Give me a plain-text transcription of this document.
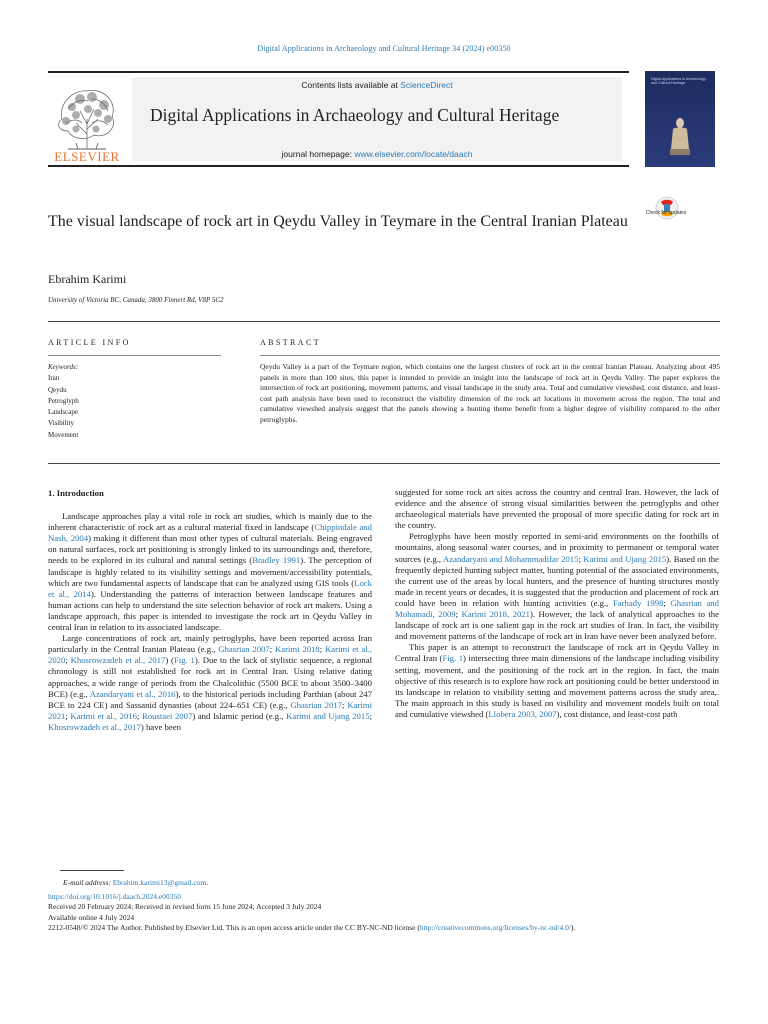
Digital Applications in Archaeology and Cultural Heritage 34 (2024) e00350
ELSEVIER
Contents lists available at ScienceDirect
Digital Applications in Archaeology and Cultural Heritage
journal homepage: www.elsevier.com/locate/daach
Digital Applications in Archaeology and Cultural Heritage
Check for updates
The visual landscape of rock art in Qeydu Valley in Teymare in the Central Iranian Plateau
Ebrahim Karimi
University of Victoria BC, Canada, 3800 Finnert Rd, V8P 5C2
ARTICLE INFO	ABSTRACT
Keywords:
Iran
Qeydu
Petroglyph
Landscape
Visibility
Movement
Qeydu Valley is a part of the Teymare region, which contains one the largest clusters of rock art in the central Iranian Plateau. Analyzing about 495 panels in more than 100 sites, this paper is intended to provide an insight into the landscape of rock art in Qeydu Valley. The paper explores the intersection of rock art positioning, movement patterns, and visual landscape in the study area. Total and cumulative viewshed, cost distance, and least-cost path analysis have been used to reconstruct the visibility dimension of the rock art locations in movement across the region. The total and cumulative viewshed analysis suggest that the panels showing a hunting theme benefit from a higher degree of visibility compared to the other petroglyphs.

1. Introduction

Landscape approaches play a vital role in rock art studies, which is mainly due to the inherent characteristic of rock art as a cultural material fixed in landscape (Chippindale and Nash, 2004) making it different than most other types of cultural materials. Being engraved on natural surfaces, rock art positioning is strongly linked to its surroundings and, therefore, needs to be explored in its cultural and natural settings (Bradley 1991). The perception of landscape is highly related to its visibility settings and movement/accessibility potentials, which are two fundamental aspects of landscape that can be analyzed using GIS tools (Lock et al., 2014). Understanding the patterns of interaction between landscape features and human actions can help to understand the site selection behavior of rock art makers. Using a landscape approach, this paper is intended to investigate the rock art in Qeydu Valley in central Iran in relation to its associated landscape.

Large concentrations of rock art, mainly petroglyphs, have been reported across Iran particularly in the Central Iranian Plateau (e.g., Ghasrian 2007; Karimi 2018; Karimi et al., 2020; Khosrowzadeh et al., 2017) (Fig. 1). Due to the lack of stylistic sequence, a regional chronology is still not established for rock art in Central Iran. Using relative dating approaches, a wide range of periods from the Chalcolithic (5500 BCE to about 3500–3400 BCE) (e.g., Azandaryani et al., 2016), to the historical periods including Parthian (about 247 BCE to 224 CE) and Sassanid dynasties (about 224–651 CE) (e.g., Ghasrian 2017; Karimi 2021; Karimi et al., 2016; Roustaei 2007) and Islamic period (e.g., Karimi and Ujang 2015; Khosrowzadeh et al., 2017) have been

suggested for some rock art sites across the country and central Iran. However, the lack of evidence and the absence of strong visual similarities between the petroglyphs and other archaeological materials have prevented the proposal of more specific dating for rock art in the country.

Petroglyphs have been mostly reported in semi-arid environments on the foothills of mountains, along seasonal water courses, and in proximity to permanent or temporal water sources (e.g., Azandaryani and Mohammadifar 2015; Karimi and Ujang 2015). Based on the frequently depicted hunting subject matter, hunting potential of the associated environments, the current use of the areas by local hunters, and the presence of hunting structures mostly made in recent years or decades, it is suggested that the production and placement of rock art could have been in relation with hunting activities (e.g., Farhady 1998; Ghasrian and Mohamadi, 2009; Karimi 2018, 2021). However, the lack of analytical approaches to the landscape of rock art is one salient gap in the rock art studies of Iran. In fact, the visibility and movement patterns of the landscape of rock art in Iran have never been analyzed before.

This paper is an attempt to reconstruct the landscape of rock art in Qeydu Valley in Central Iran (Fig. 1) intersecting three main dimensions of the landscape including visibility setting, movement, and the positioning of the rock art in the region. In fact, the main objective of this research is to explore how rock art positioning could be better understood in its landscape in relation to visibility setting and movement patterns across the study area,. The main approach in this study is based on visibility and movement models built on total and cumulative viewshed (Llobera 2003, 2007), cost distance, and least-cost path

E-mail address: Ebrahim.karimi13@gmail.com.
https://doi.org/10.1016/j.daach.2024.e00350
Received 20 February 2024; Received in revised form 15 June 2024; Accepted 3 July 2024
Available online 4 July 2024
2212-0548/© 2024 The Author. Published by Elsevier Ltd. This is an open access article under the CC BY-NC-ND license (http://creativecommons.org/licenses/by-nc-nd/4.0/).
